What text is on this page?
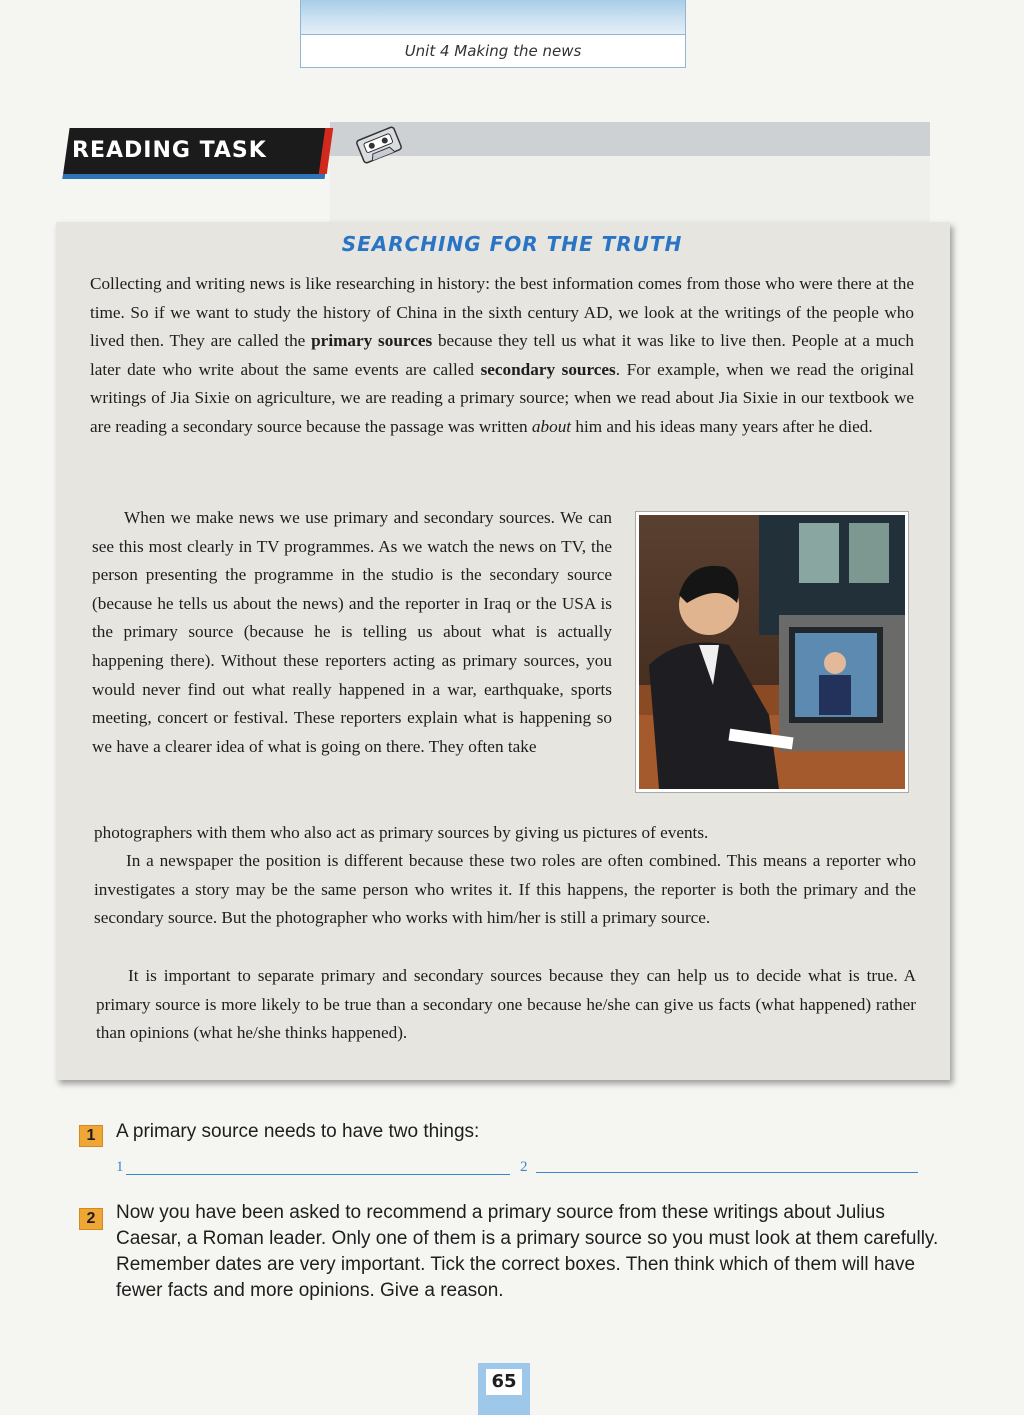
Unit 4 Making the news
READING TASK
SEARCHING FOR THE TRUTH

Collecting and writing news is like researching in history: the best information comes from those who were there at the time. So if we want to study the history of China in the sixth century AD, we look at the writings of the people who lived then. They are called the primary sources because they tell us what it was like to live then. People at a much later date who write about the same events are called secondary sources. For example, when we read the original writings of Jia Sixie on agriculture, we are reading a primary source; when we read about Jia Sixie in our textbook we are reading a secondary source because the passage was written about him and his ideas many years after he died.

When we make news we use primary and secondary sources. We can see this most clearly in TV programmes. As we watch the news on TV, the person presenting the programme in the studio is the secondary source (because he tells us about the news) and the reporter in Iraq or the USA is the primary source (because he is telling us about what is actually happening there). Without these reporters acting as primary sources, you would never find out what really happened in a war, earthquake, sports meeting, concert or festival. These reporters explain what is happening so we have a clearer idea of what is going on there. They often take

photographers with them who also act as primary sources by giving us pictures of events.

In a newspaper the position is different because these two roles are often combined. This means a reporter who investigates a story may be the same person who writes it. If this happens, the reporter is both the primary and the secondary source. But the photographer who works with him/her is still a primary source.

It is important to separate primary and secondary sources because they can help us to decide what is true. A primary source is more likely to be true than a secondary one because he/she can give us facts (what happened) rather than opinions (what he/she thinks happened).

1	A primary source needs to have two things:
1	2
2	Now you have been asked to recommend a primary source from these writings about Julius Caesar, a Roman leader. Only one of them is a primary source so you must look at them carefully. Remember dates are very important. Tick the correct boxes. Then think which of them will have fewer facts and more opinions. Give a reason.
65
